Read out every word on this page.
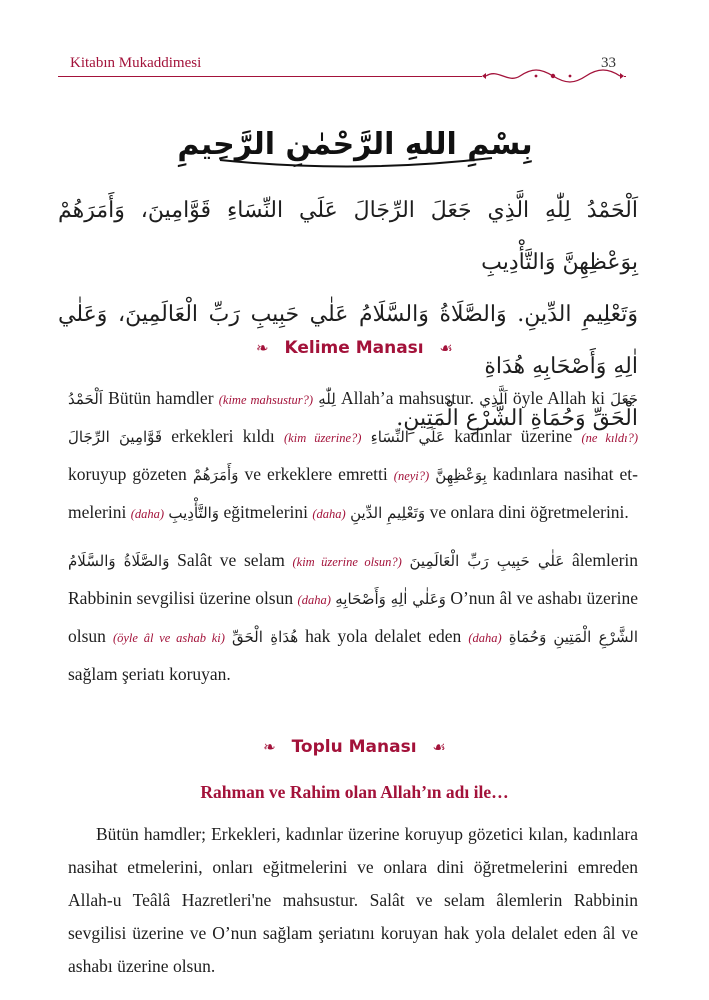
Kitabın Mukaddimesi	33
بِسْمِ اللهِ الرَّحْمٰنِ الرَّحِيمِ
اَلْحَمْدُ لِلّٰهِ الَّذِي جَعَلَ الرِّجَالَ عَلَي النِّسَاءِ قَوَّامِينَ، وَأَمَرَهُمْ بِوَعْظِهِنَّ وَالتَّأْدِيبِ
وَتَعْلِيمِ الدِّينِ. وَالصَّلَاةُ وَالسَّلَامُ عَلٰي حَبِيبِ رَبِّ الْعَالَمِينَ، وَعَلٰي اٰلِهِ وَأَصْحَابِهِ هُدَاةِ
الْحَقِّ وَحُمَاةِ الشَّرْعِ الْمَتِينِ.
❧ Kelime Manası ☙

اَلْحَمْدُ Bütün hamdler (kime mahsustur?) لِلّٰهِ Allah’a mahsustur. اَلَّذِي öyle Allah ki جَعَلَ الرِّجَالَ قَوَّامِينَ erkekleri kıldı (kim üzerine?) عَلَي النِّسَاءِ kadınlar üzerine (ne kıldı?) koruyup gözeten وَأَمَرَهُمْ ve erkeklere emretti (neyi?) بِوَعْظِهِنَّ kadınlara nasihat etmelerini (daha) وَالتَّأْدِيبِ eğitmelerini (daha) وَتَعْلِيمِ الدِّينِ ve onlara dini öğretmelerini.

وَالصَّلَاةُ وَالسَّلَامُ Salât ve selam (kim üzerine olsun?) عَلٰي حَبِيبِ رَبِّ الْعَالَمِينَ âlemlerin Rabbinin sevgilisi üzerine olsun (daha) وَعَلٰي اٰلِهِ وَأَصْحَابِهِ O’nun âl ve ashabı üzerine olsun (öyle âl ve ashab ki) هُدَاةِ الْحَقِّ hak yola delalet eden (daha) وَحُمَاةِ الشَّرْعِ الْمَتِينِ sağlam şeriatı koruyan.

❧ Toplu Manası ☙
Rahman ve Rahim olan Allah’ın adı ile…

Bütün hamdler; Erkekleri, kadınlar üzerine koruyup gözetici kılan, kadınlara nasihat etmelerini, onları eğitmelerini ve onlara dini öğretmelerini emreden Allah-u Teâlâ Hazretleri'ne mahsustur. Salât ve selam âlemlerin Rabbinin sevgilisi üzerine ve O’nun sağlam şeriatını koruyan hak yola delalet eden âl ve ashabı üzerine olsun.
